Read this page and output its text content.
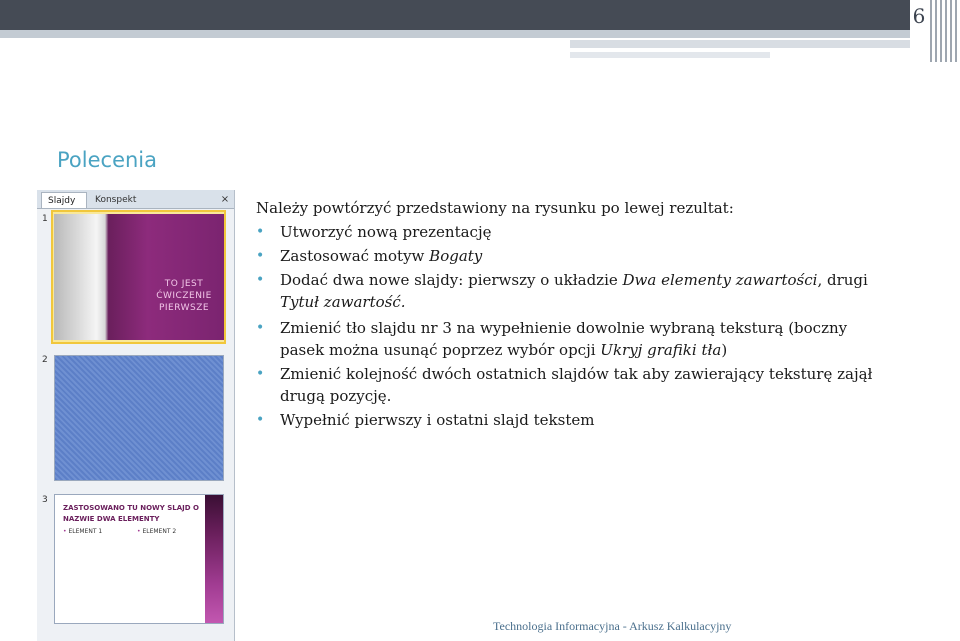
6
Polecenia
Slajdy	Konspekt	×
1
TO JEST ĆWICZENIE PIERWSZE
2
3
ZASTOSOWANO TU NOWY SLAJD O NAZWIE DWA ELEMENTY
• ELEMENT 1	• ELEMENT 2
Należy powtórzyć przedstawiony na rysunku po lewej rezultat:
• Utworzyć nową prezentację
• Zastosować motyw Bogaty
• Dodać dwa nowe slajdy: pierwszy o układzie Dwa elementy zawartości, drugi Tytuł zawartość.
• Zmienić tło slajdu nr 3 na wypełnienie dowolnie wybraną teksturą (boczny pasek można usunąć poprzez wybór opcji Ukryj grafiki tła)
• Zmienić kolejność dwóch ostatnich slajdów tak aby zawierający teksturę zajął drugą pozycję.
• Wypełnić pierwszy i ostatni slajd tekstem
Technologia Informacyjna - Arkusz Kalkulacyjny
